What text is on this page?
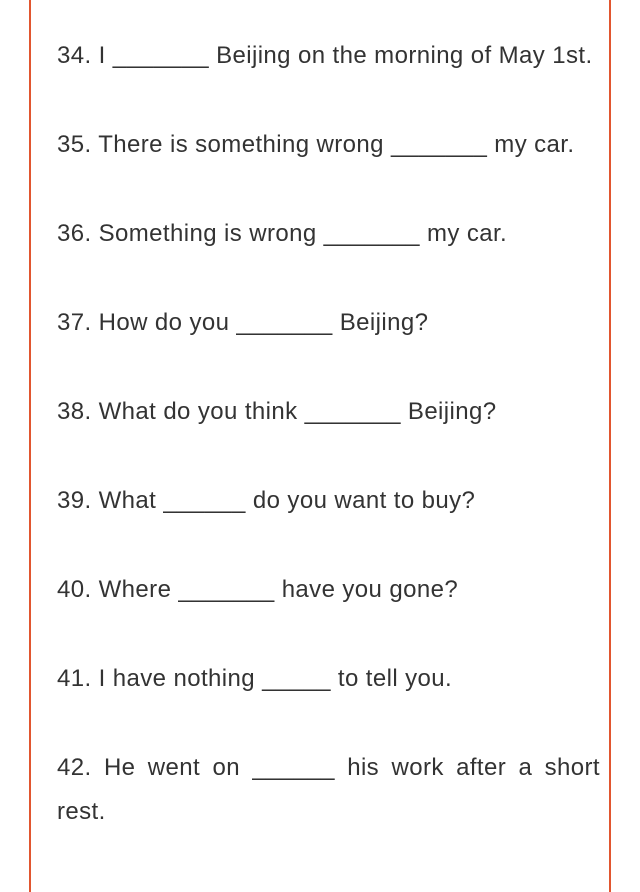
34. I _______ Beijing on the morning of May 1st.

35. There is something wrong _______ my car.

36. Something is wrong _______ my car.

37. How do you _______ Beijing?

38. What do you think _______ Beijing?

39. What ______ do you want to buy?

40. Where _______ have you gone?

41. I have nothing _____ to tell you.

42. He went on ______ his work after a short rest.
